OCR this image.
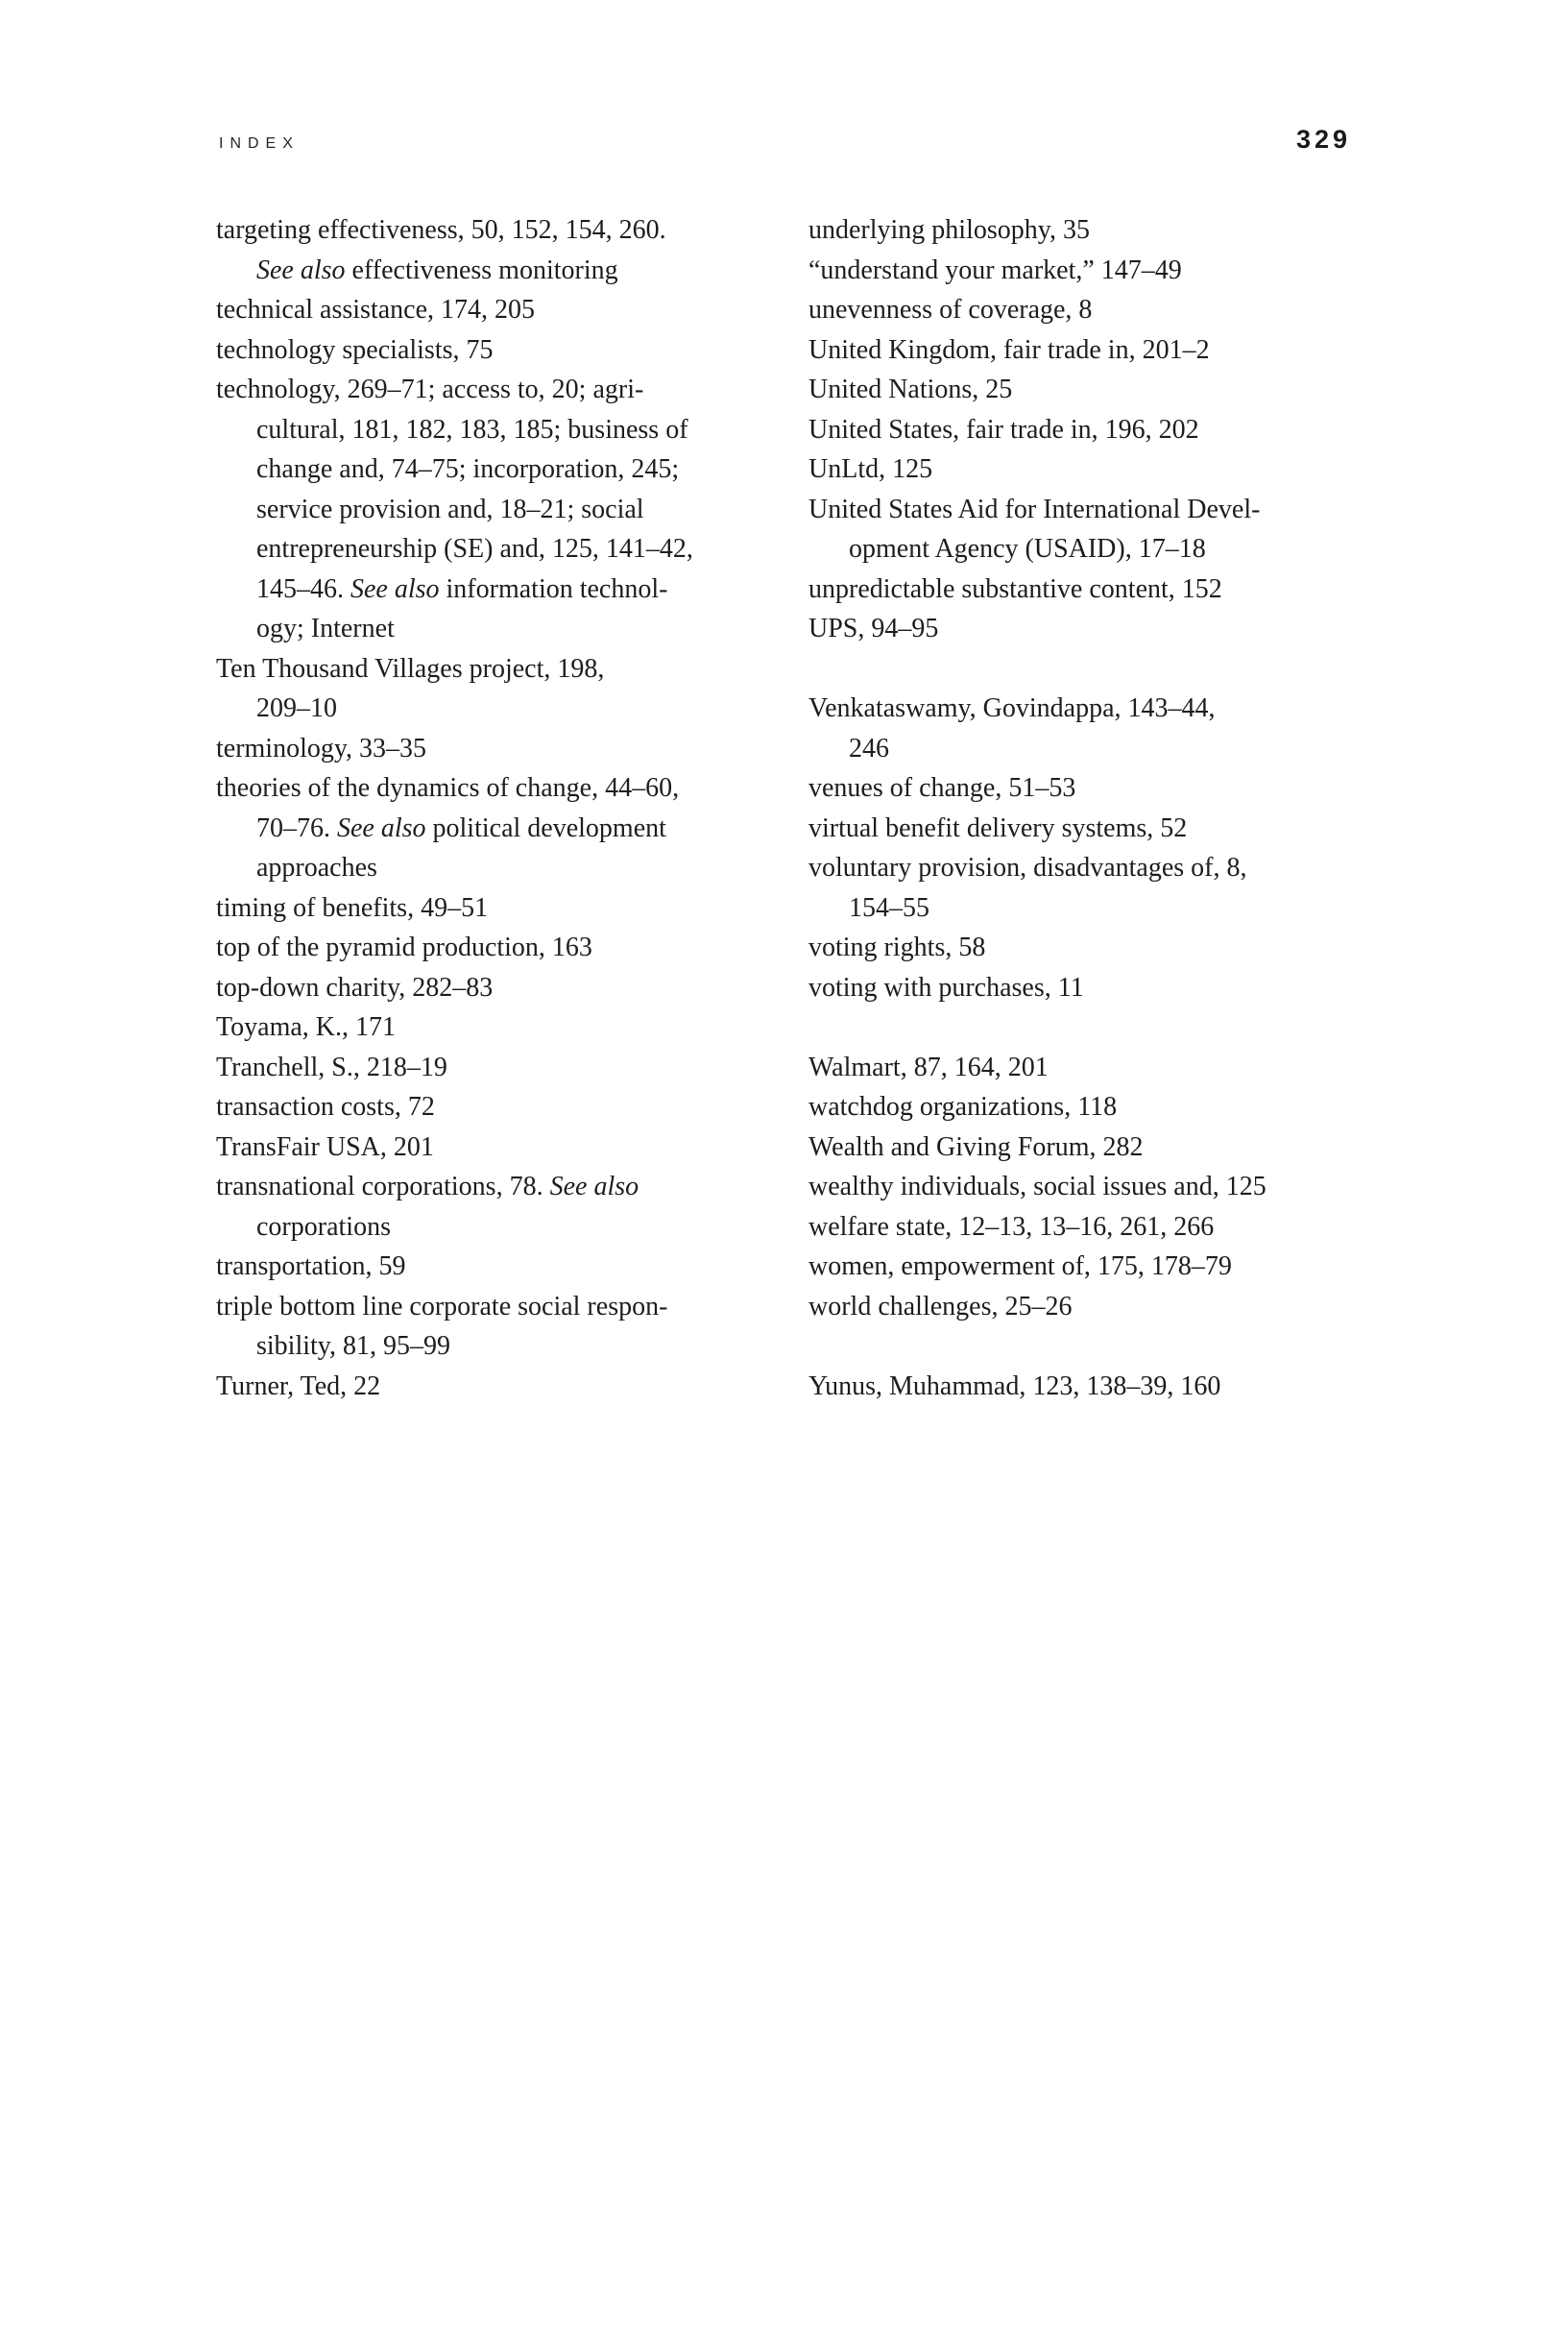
INDEX	329
targeting effectiveness, 50, 152, 154, 260.
See also effectiveness monitoring
technical assistance, 174, 205
technology specialists, 75
technology, 269–71; access to, 20; agri-
cultural, 181, 182, 183, 185; business of
change and, 74–75; incorporation, 245;
service provision and, 18–21; social
entrepreneurship (SE) and, 125, 141–42,
145–46. See also information technol-
ogy; Internet
Ten Thousand Villages project, 198,
209–10
terminology, 33–35
theories of the dynamics of change, 44–60,
70–76. See also political development
approaches
timing of benefits, 49–51
top of the pyramid production, 163
top-down charity, 282–83
Toyama, K., 171
Tranchell, S., 218–19
transaction costs, 72
TransFair USA, 201
transnational corporations, 78. See also
corporations
transportation, 59
triple bottom line corporate social respon-
sibility, 81, 95–99
Turner, Ted, 22
underlying philosophy, 35
“understand your market,” 147–49
unevenness of coverage, 8
United Kingdom, fair trade in, 201–2
United Nations, 25
United States, fair trade in, 196, 202
UnLtd, 125
United States Aid for International Devel-
opment Agency (USAID), 17–18
unpredictable substantive content, 152
UPS, 94–95
Venkataswamy, Govindappa, 143–44,
246
venues of change, 51–53
virtual benefit delivery systems, 52
voluntary provision, disadvantages of, 8,
154–55
voting rights, 58
voting with purchases, 11
Walmart, 87, 164, 201
watchdog organizations, 118
Wealth and Giving Forum, 282
wealthy individuals, social issues and, 125
welfare state, 12–13, 13–16, 261, 266
women, empowerment of, 175, 178–79
world challenges, 25–26
Yunus, Muhammad, 123, 138–39, 160
